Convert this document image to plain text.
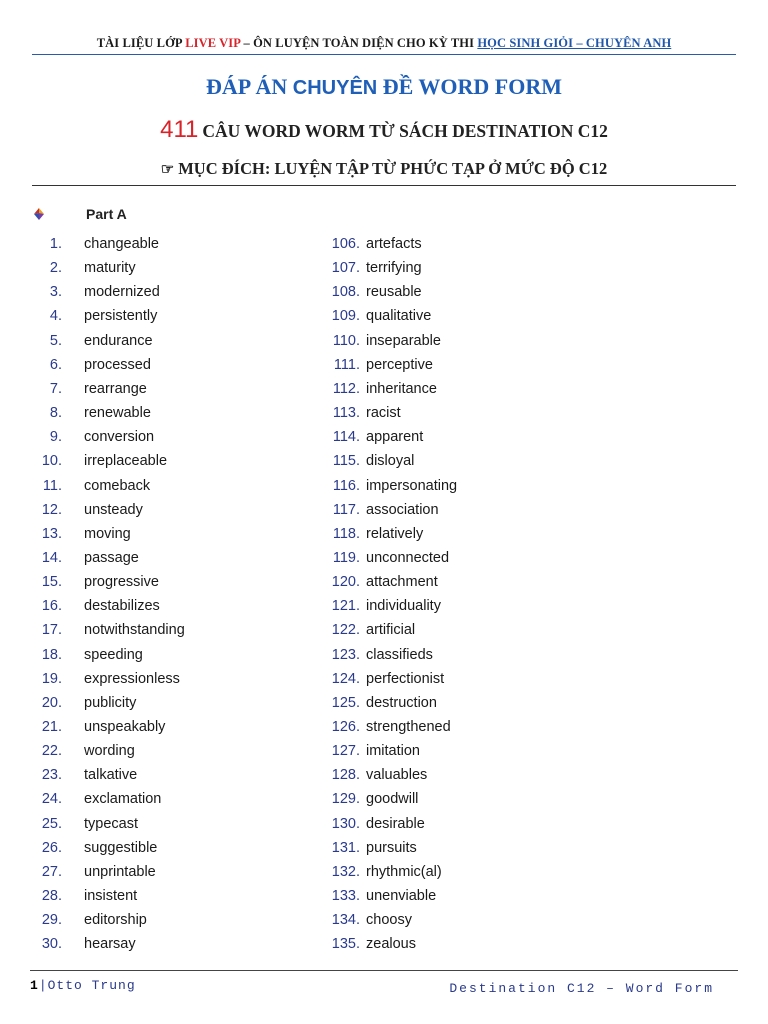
TÀI LIỆU LỚP LIVE VIP – ÔN LUYỆN TOÀN DIỆN CHO KỲ THI HỌC SINH GIỎI – CHUYÊN ANH
ĐÁP ÁN CHUYÊN ĐỀ WORD FORM
411 CÂU WORD WORM TỪ SÁCH DESTINATION C12
☞ MỤC ĐÍCH: LUYỆN TẬP TỪ PHỨC TẠP Ở MỨC ĐỘ C12
Part A
1. changeable
2. maturity
3. modernized
4. persistently
5. endurance
6. processed
7. rearrange
8. renewable
9. conversion
10. irreplaceable
11. comeback
12. unsteady
13. moving
14. passage
15. progressive
16. destabilizes
17. notwithstanding
18. speeding
19. expressionless
20. publicity
21. unspeakably
22. wording
23. talkative
24. exclamation
25. typecast
26. suggestible
27. unprintable
28. insistent
29. editorship
30. hearsay
106. artefacts
107. terrifying
108. reusable
109. qualitative
110. inseparable
111. perceptive
112. inheritance
113. racist
114. apparent
115. disloyal
116. impersonating
117. association
118. relatively
119. unconnected
120. attachment
121. individuality
122. artificial
123. classifieds
124. perfectionist
125. destruction
126. strengthened
127. imitation
128. valuables
129. goodwill
130. desirable
131. pursuits
132. rhythmic(al)
133. unenviable
134. choosy
135. zealous
1|Otto Trung	Destination C12 – Word Form
